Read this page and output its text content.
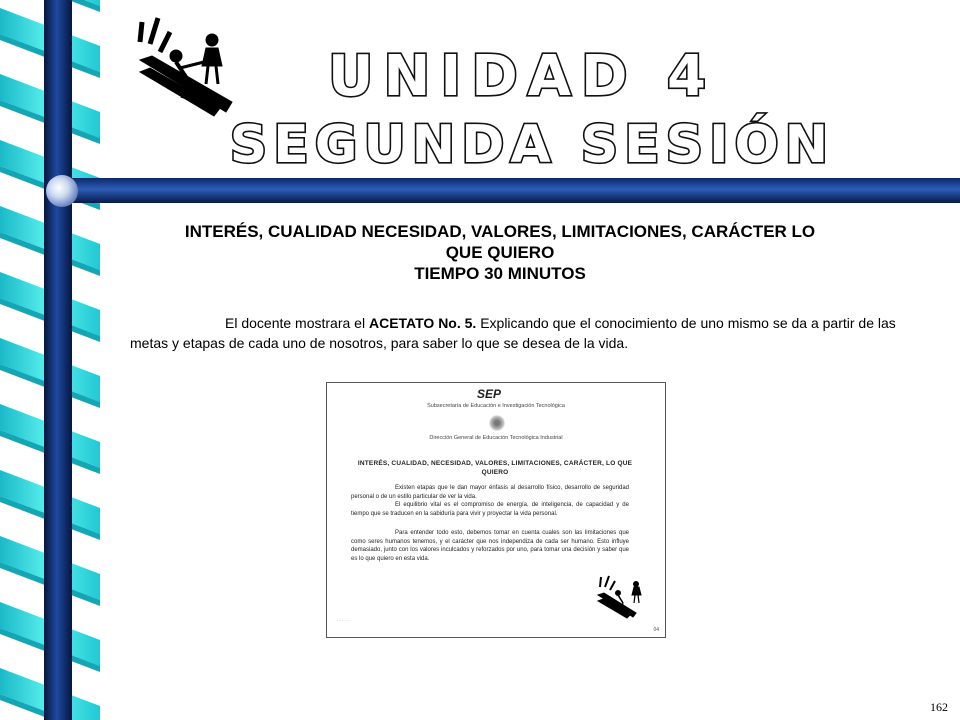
UNIDAD 4
SEGUNDA SESIÓN
INTERÉS, CUALIDAD NECESIDAD, VALORES, LIMITACIONES, CARÁCTER LO
QUE QUIERO
TIEMPO 30 MINUTOS
El docente mostrara el ACETATO No. 5. Explicando que el conocimiento de uno mismo se da a partir de las metas y etapas de cada uno de nosotros, para saber lo que se desea de la vida.
SEP
Subsecretaría de Educación e Investigación Tecnológica
Dirección General de Educación Tecnológica Industrial
INTERÉS, CUALIDAD, NECESIDAD, VALORES, LIMITACIONES, CARÁCTER, LO QUE QUIERO
Existen etapas que le dan mayor énfasis al desarrollo físico, desarrollo de seguridad personal o de un estilo particular de ver la vida.
El equilibrio vital es el compromiso de energía, de inteligencia, de capacidad y de tiempo que se traducen en la sabiduría para vivir y proyectar la vida personal.
Para entender todo esto, debemos tomar en cuenta cuales son las limitaciones que como seres humanos tenemos, y el carácter que nos independiza de cada ser humano. Esto influye demasiado, junto con los valores inculcados y reforzados por uno, para tomar una decisión y saber que es lo que quiero en esta vida.
· · · · · ·
04
162
